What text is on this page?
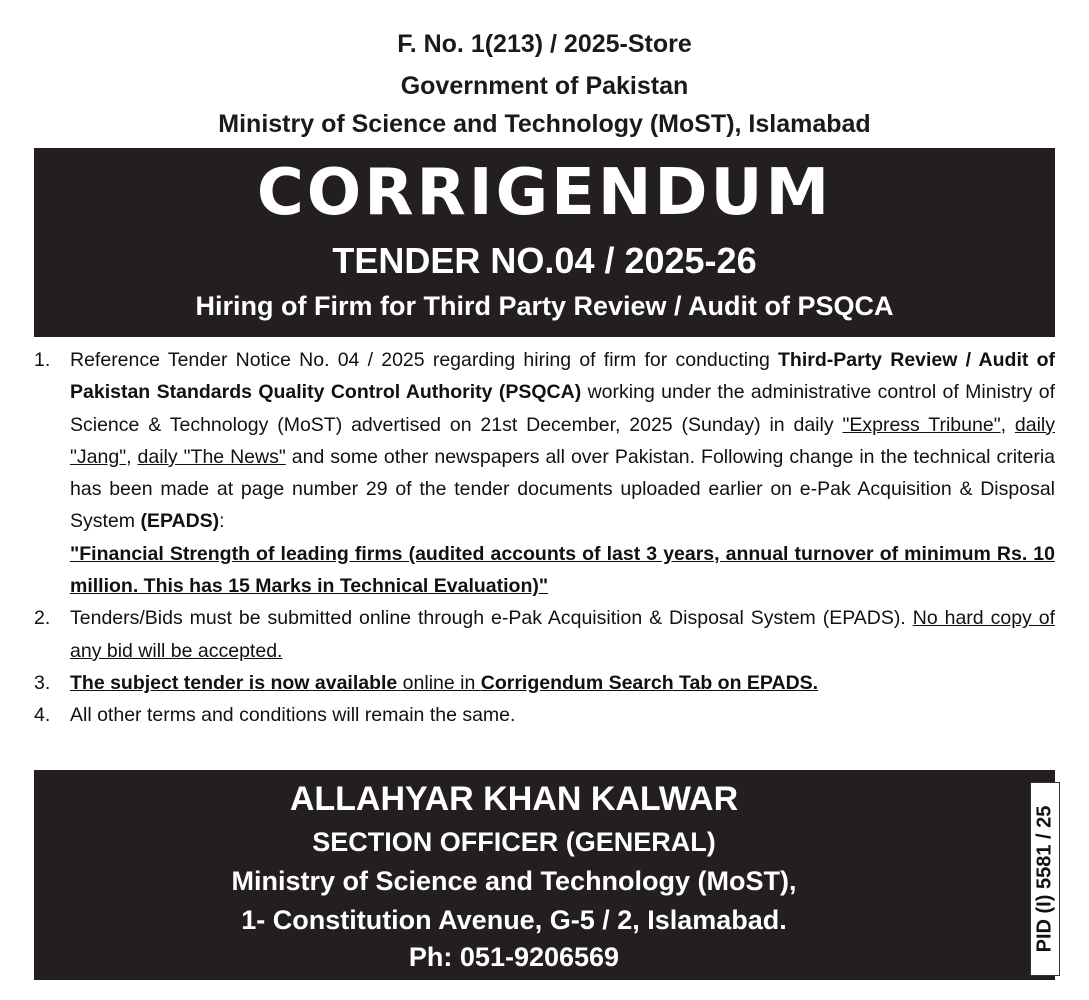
F. No. 1(213) / 2025-Store
Government of Pakistan
Ministry of Science and Technology (MoST), Islamabad
CORRIGENDUM
TENDER NO.04 / 2025-26
Hiring of Firm for Third Party Review / Audit of PSQCA
1. Reference Tender Notice No. 04 / 2025 regarding hiring of firm for conducting Third-Party Review / Audit of Pakistan Standards Quality Control Authority (PSQCA) working under the administrative control of Ministry of Science & Technology (MoST) advertised on 21st December, 2025 (Sunday) in daily "Express Tribune", daily "Jang", daily "The News" and some other newspapers all over Pakistan. Following change in the technical criteria has been made at page number 29 of the tender documents uploaded earlier on e-Pak Acquisition & Disposal System (EPADS):
"Financial Strength of leading firms (audited accounts of last 3 years, annual turnover of minimum Rs. 10 million. This has 15 Marks in Technical Evaluation)"
2. Tenders/Bids must be submitted online through e-Pak Acquisition & Disposal System (EPADS). No hard copy of any bid will be accepted.
3. The subject tender is now available online in Corrigendum Search Tab on EPADS.
4. All other terms and conditions will remain the same.
ALLAHYAR KHAN KALWAR
SECTION OFFICER (GENERAL)
Ministry of Science and Technology (MoST),
1- Constitution Avenue, G-5 / 2, Islamabad.
Ph: 051-9206569
PID (I) 5581 / 25
